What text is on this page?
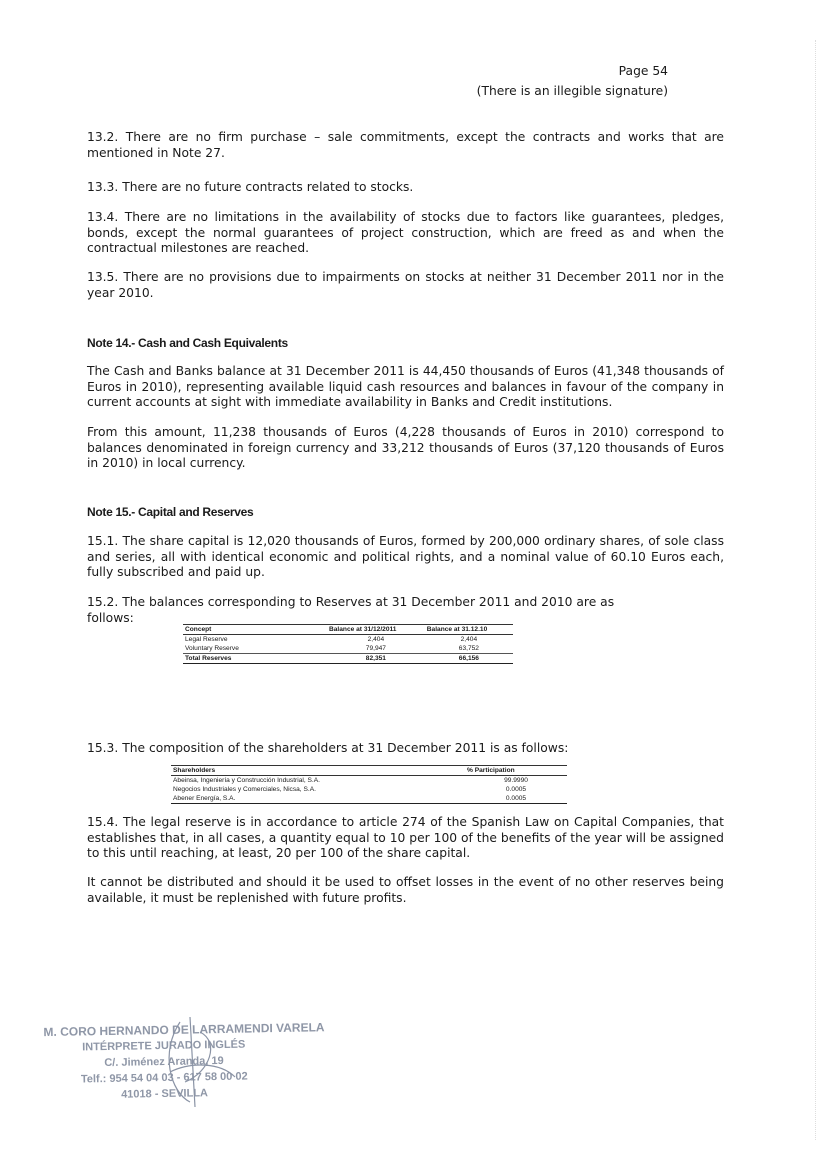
Page 54
(There is an illegible signature)
13.2. There are no firm purchase – sale commitments, except the contracts and works that are mentioned in Note 27.
13.3. There are no future contracts related to stocks.
13.4. There are no limitations in the availability of stocks due to factors like guarantees, pledges, bonds, except the normal guarantees of project construction, which are freed as and when the contractual milestones are reached.
13.5. There are no provisions due to impairments on stocks at neither 31 December 2011 nor in the year 2010.
Note 14.- Cash and Cash Equivalents
The Cash and Banks balance at 31 December 2011 is 44,450 thousands of Euros (41,348 thousands of Euros in 2010), representing available liquid cash resources and balances in favour of the company in current accounts at sight with immediate availability in Banks and Credit institutions.
From this amount, 11,238 thousands of Euros (4,228 thousands of Euros in 2010) correspond to balances denominated in foreign currency and 33,212 thousands of Euros (37,120 thousands of Euros in 2010) in local currency.
Note 15.- Capital and Reserves
15.1. The share capital is 12,020 thousands of Euros, formed by 200,000 ordinary shares, of sole class and series, all with identical economic and political rights, and a nominal value of 60.10 Euros each, fully subscribed and paid up.
15.2. The balances corresponding to Reserves at 31 December 2011 and 2010 are as follows:
Concept	Balance at 31/12/2011	Balance at 31.12.10
Legal Reserve	2,404	2,404
Voluntary Reserve	79,947	63,752
Total Reserves	82,351	66,156
15.3. The composition of the shareholders at 31 December 2011 is as follows:
Shareholders	% Participation
Abeinsa, Ingeniería y Construcción Industrial, S.A.	99.9990
Negocios Industriales y Comerciales, Nicsa, S.A.	0.0005
Abener Energía, S.A.	0.0005
15.4. The legal reserve is in accordance to article 274 of the Spanish Law on Capital Companies, that establishes that, in all cases, a quantity equal to 10 per 100 of the benefits of the year will be assigned to this until reaching, at least, 20 per 100 of the share capital.
It cannot be distributed and should it be used to offset losses in the event of no other reserves being available, it must be replenished with future profits.
M. CORO HERNANDO DE LARRAMENDI VARELA
INTÉRPRETE JURADO INGLÉS
C/. Jiménez Aranda, 19
Telf.: 954 54 04 03 - 617 58 00 02
41018 - SEVILLA
